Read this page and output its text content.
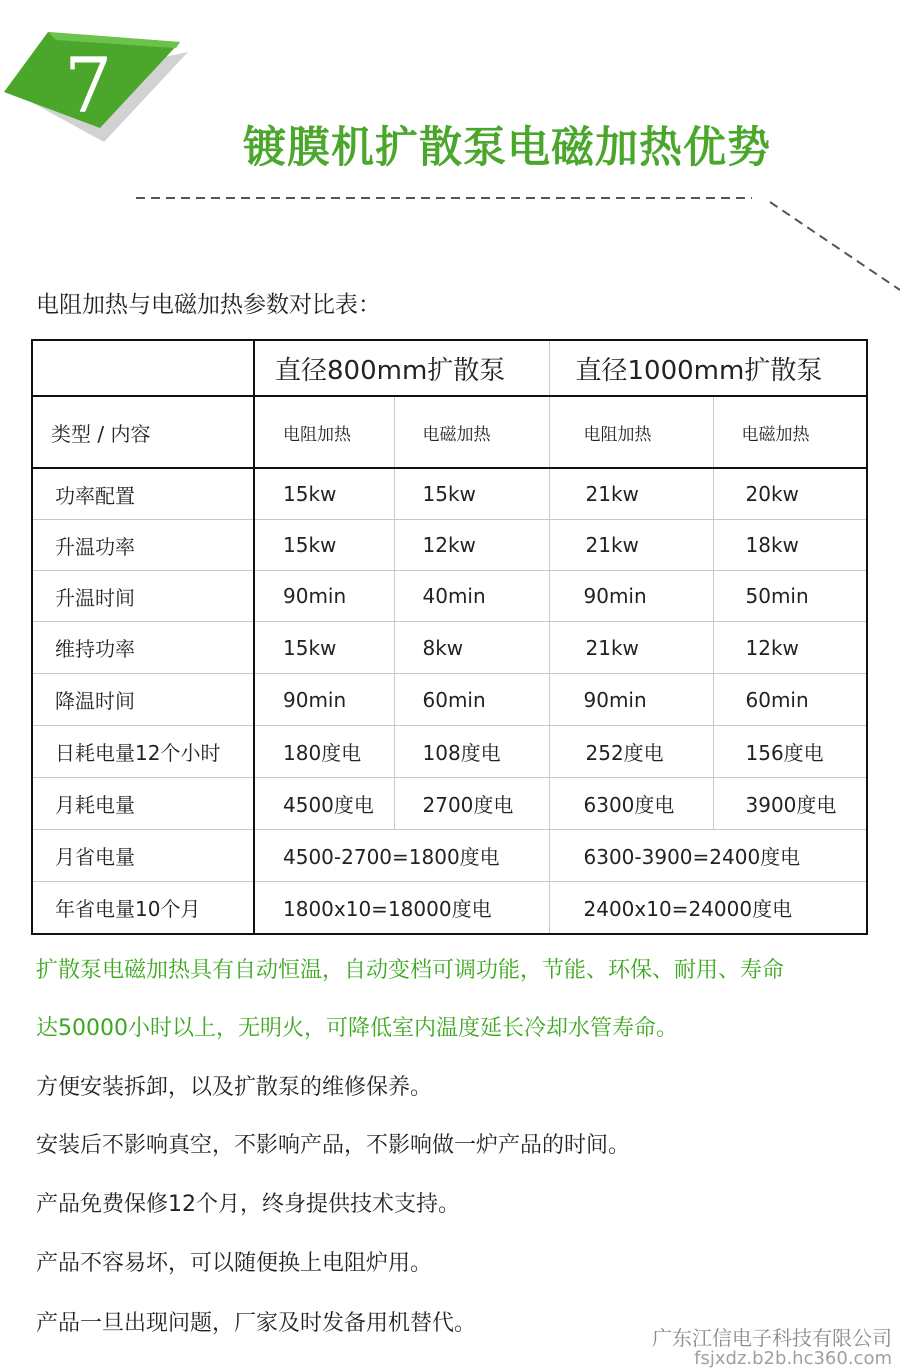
7
镀膜机扩散泵电磁加热优势
电阻加热与电磁加热参数对比表：
	直径800mm扩散泵		直径1000mm扩散泵	
类型 / 内容	电阻加热	电磁加热	电阻加热	电磁加热
功率配置	15kw	15kw	21kw	20kw
升温功率	15kw	12kw	21kw	18kw
升温时间	90min	40min	90min	50min
维持功率	15kw	8kw	21kw	12kw
降温时间	90min	60min	90min	60min
日耗电量12个小时	180度电	108度电	252度电	156度电
月耗电量	4500度电	2700度电	6300度电	3900度电
月省电量	4500-2700=1800度电		6300-3900=2400度电	
年省电量10个月	1800x10=18000度电		2400x10=24000度电	
扩散泵电磁加热具有自动恒温，自动变档可调功能，节能、环保、耐用、寿命
达50000小时以上，无明火，可降低室内温度延长冷却水管寿命。
方便安装拆卸，以及扩散泵的维修保养。
安装后不影响真空，不影响产品，不影响做一炉产品的时间。
产品免费保修12个月，终身提供技术支持。
产品不容易坏，可以随便换上电阻炉用。
产品一旦出现问题，厂家及时发备用机替代。
广东江信电子科技有限公司
fsjxdz.b2b.hc360.com
